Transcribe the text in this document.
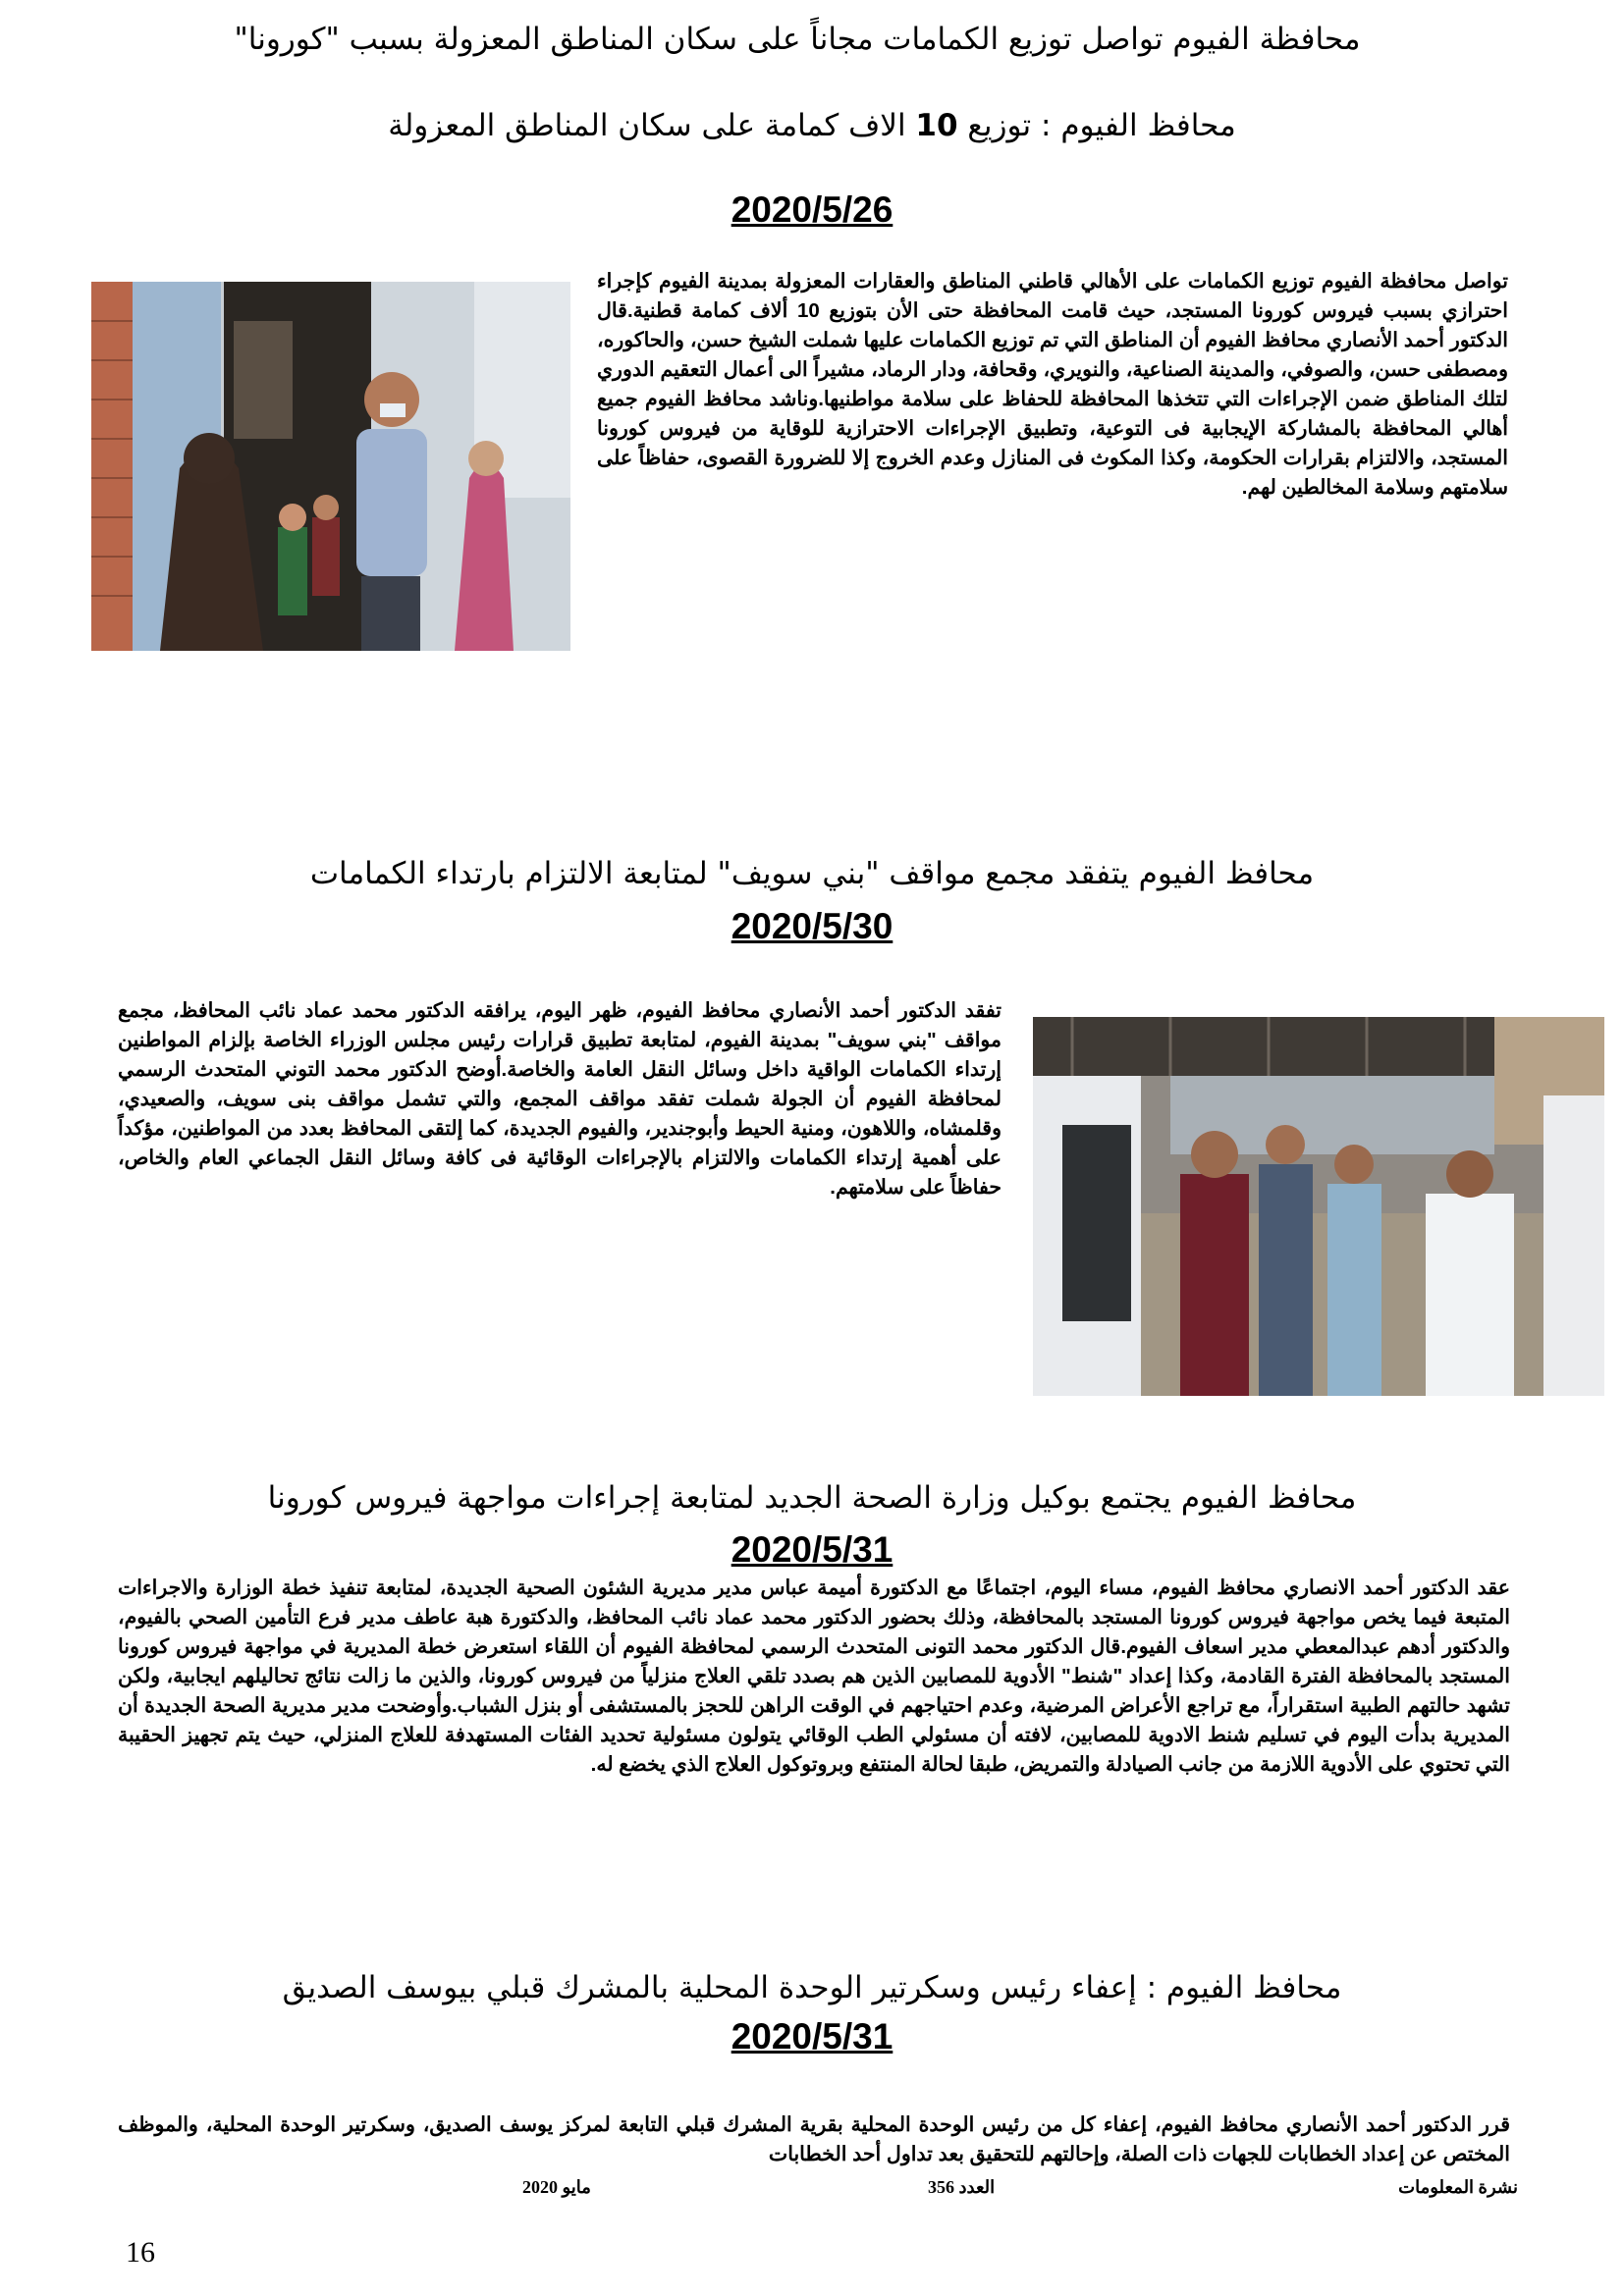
محافظة الفيوم تواصل توزيع الكمامات مجاناً على سكان المناطق المعزولة بسبب "كورونا"
محافظ الفيوم : توزيع 10 الاف كمامة على سكان المناطق المعزولة
2020/5/26
تواصل محافظة الفيوم توزيع الكمامات على الأهالي قاطني المناطق والعقارات المعزولة بمدينة الفيوم كإجراء احترازي بسبب فيروس كورونا المستجد، حيث قامت المحافظة حتى الأن بتوزيع 10 ألاف كمامة قطنية.قال الدكتور أحمد الأنصاري محافظ الفيوم أن المناطق التي تم توزيع الكمامات عليها شملت الشيخ حسن، والحاكوره، ومصطفى حسن، والصوفي، والمدينة الصناعية، والنويري، وقحافة، ودار الرماد، مشيراً الى أعمال التعقيم الدوري لتلك المناطق ضمن الإجراءات التي تتخذها المحافظة للحفاظ على سلامة مواطنيها.وناشد محافظ الفيوم جميع أهالي المحافظة بالمشاركة الإيجابية فى التوعية، وتطبيق الإجراءات الاحترازية للوقاية من فيروس كورونا المستجد، والالتزام بقرارات الحكومة، وكذا المكوث فى المنازل وعدم الخروج إلا للضرورة القصوى، حفاظاً على سلامتهم وسلامة المخالطين لهم.
محافظ الفيوم يتفقد مجمع مواقف "بني سويف" لمتابعة الالتزام بارتداء الكمامات
2020/5/30
تفقد الدكتور أحمد الأنصاري محافظ الفيوم، ظهر اليوم، يرافقه الدكتور محمد عماد نائب المحافظ، مجمع مواقف "بني سويف" بمدينة الفيوم، لمتابعة تطبيق قرارات رئيس مجلس الوزراء الخاصة بإلزام المواطنين إرتداء الكمامات الواقية داخل وسائل النقل العامة والخاصة.أوضح الدكتور محمد التوني المتحدث الرسمي لمحافظة الفيوم أن الجولة شملت تفقد مواقف المجمع، والتي تشمل مواقف بنى سويف، والصعيدي، وقلمشاه، واللاهون، ومنية الحيط وأبوجندير، والفيوم الجديدة، كما إلتقى المحافظ بعدد من المواطنين، مؤكداً على أهمية إرتداء الكمامات والالتزام بالإجراءات الوقائية فى كافة وسائل النقل الجماعي العام والخاص، حفاظاً على سلامتهم.
محافظ الفيوم يجتمع بوكيل وزارة الصحة الجديد لمتابعة إجراءات مواجهة فيروس كورونا
2020/5/31
عقد الدكتور أحمد الانصاري محافظ الفيوم، مساء اليوم، اجتماعًا مع الدكتورة أميمة عباس مدير مديرية الشئون الصحية الجديدة، لمتابعة تنفيذ خطة الوزارة والاجراءات المتبعة فيما يخص مواجهة فيروس كورونا المستجد بالمحافظة، وذلك بحضور الدكتور محمد عماد نائب المحافظ، والدكتورة هبة عاطف مدير فرع التأمين الصحي بالفيوم، والدكتور أدهم عبدالمعطي مدير اسعاف الفيوم.قال الدكتور محمد التونى المتحدث الرسمي لمحافظة الفيوم أن اللقاء استعرض خطة المديرية في مواجهة فيروس كورونا المستجد بالمحافظة الفترة القادمة، وكذا إعداد "شنط" الأدوية للمصابين الذين هم بصدد تلقي العلاج منزلياً من فيروس كورونا، والذين ما زالت نتائج تحاليلهم ايجابية، ولكن تشهد حالتهم الطبية استقراراً، مع تراجع الأعراض المرضية، وعدم احتياجهم في الوقت الراهن للحجز بالمستشفى أو بنزل الشباب.وأوضحت مدير مديرية الصحة الجديدة أن المديرية بدأت اليوم في تسليم شنط الادوية للمصابين، لافته أن مسئولي الطب الوقائي يتولون مسئولية تحديد الفئات المستهدفة للعلاج المنزلي، حيث يتم تجهيز الحقيبة التي تحتوي على الأدوية اللازمة من جانب الصيادلة والتمريض، طبقا لحالة المنتفع وبروتوكول العلاج الذي يخضع له.
محافظ الفيوم : إعفاء رئيس وسكرتير الوحدة المحلية بالمشرك قبلي بيوسف الصديق
2020/5/31
قرر الدكتور أحمد الأنصاري محافظ الفيوم، إعفاء كل من رئيس الوحدة المحلية بقرية المشرك قبلي التابعة لمركز يوسف الصديق، وسكرتير الوحدة المحلية، والموظف المختص عن إعداد الخطابات للجهات ذات الصلة، وإحالتهم للتحقيق بعد تداول أحد الخطابات
نشرة المعلومات
العدد 356
مايو 2020
16
